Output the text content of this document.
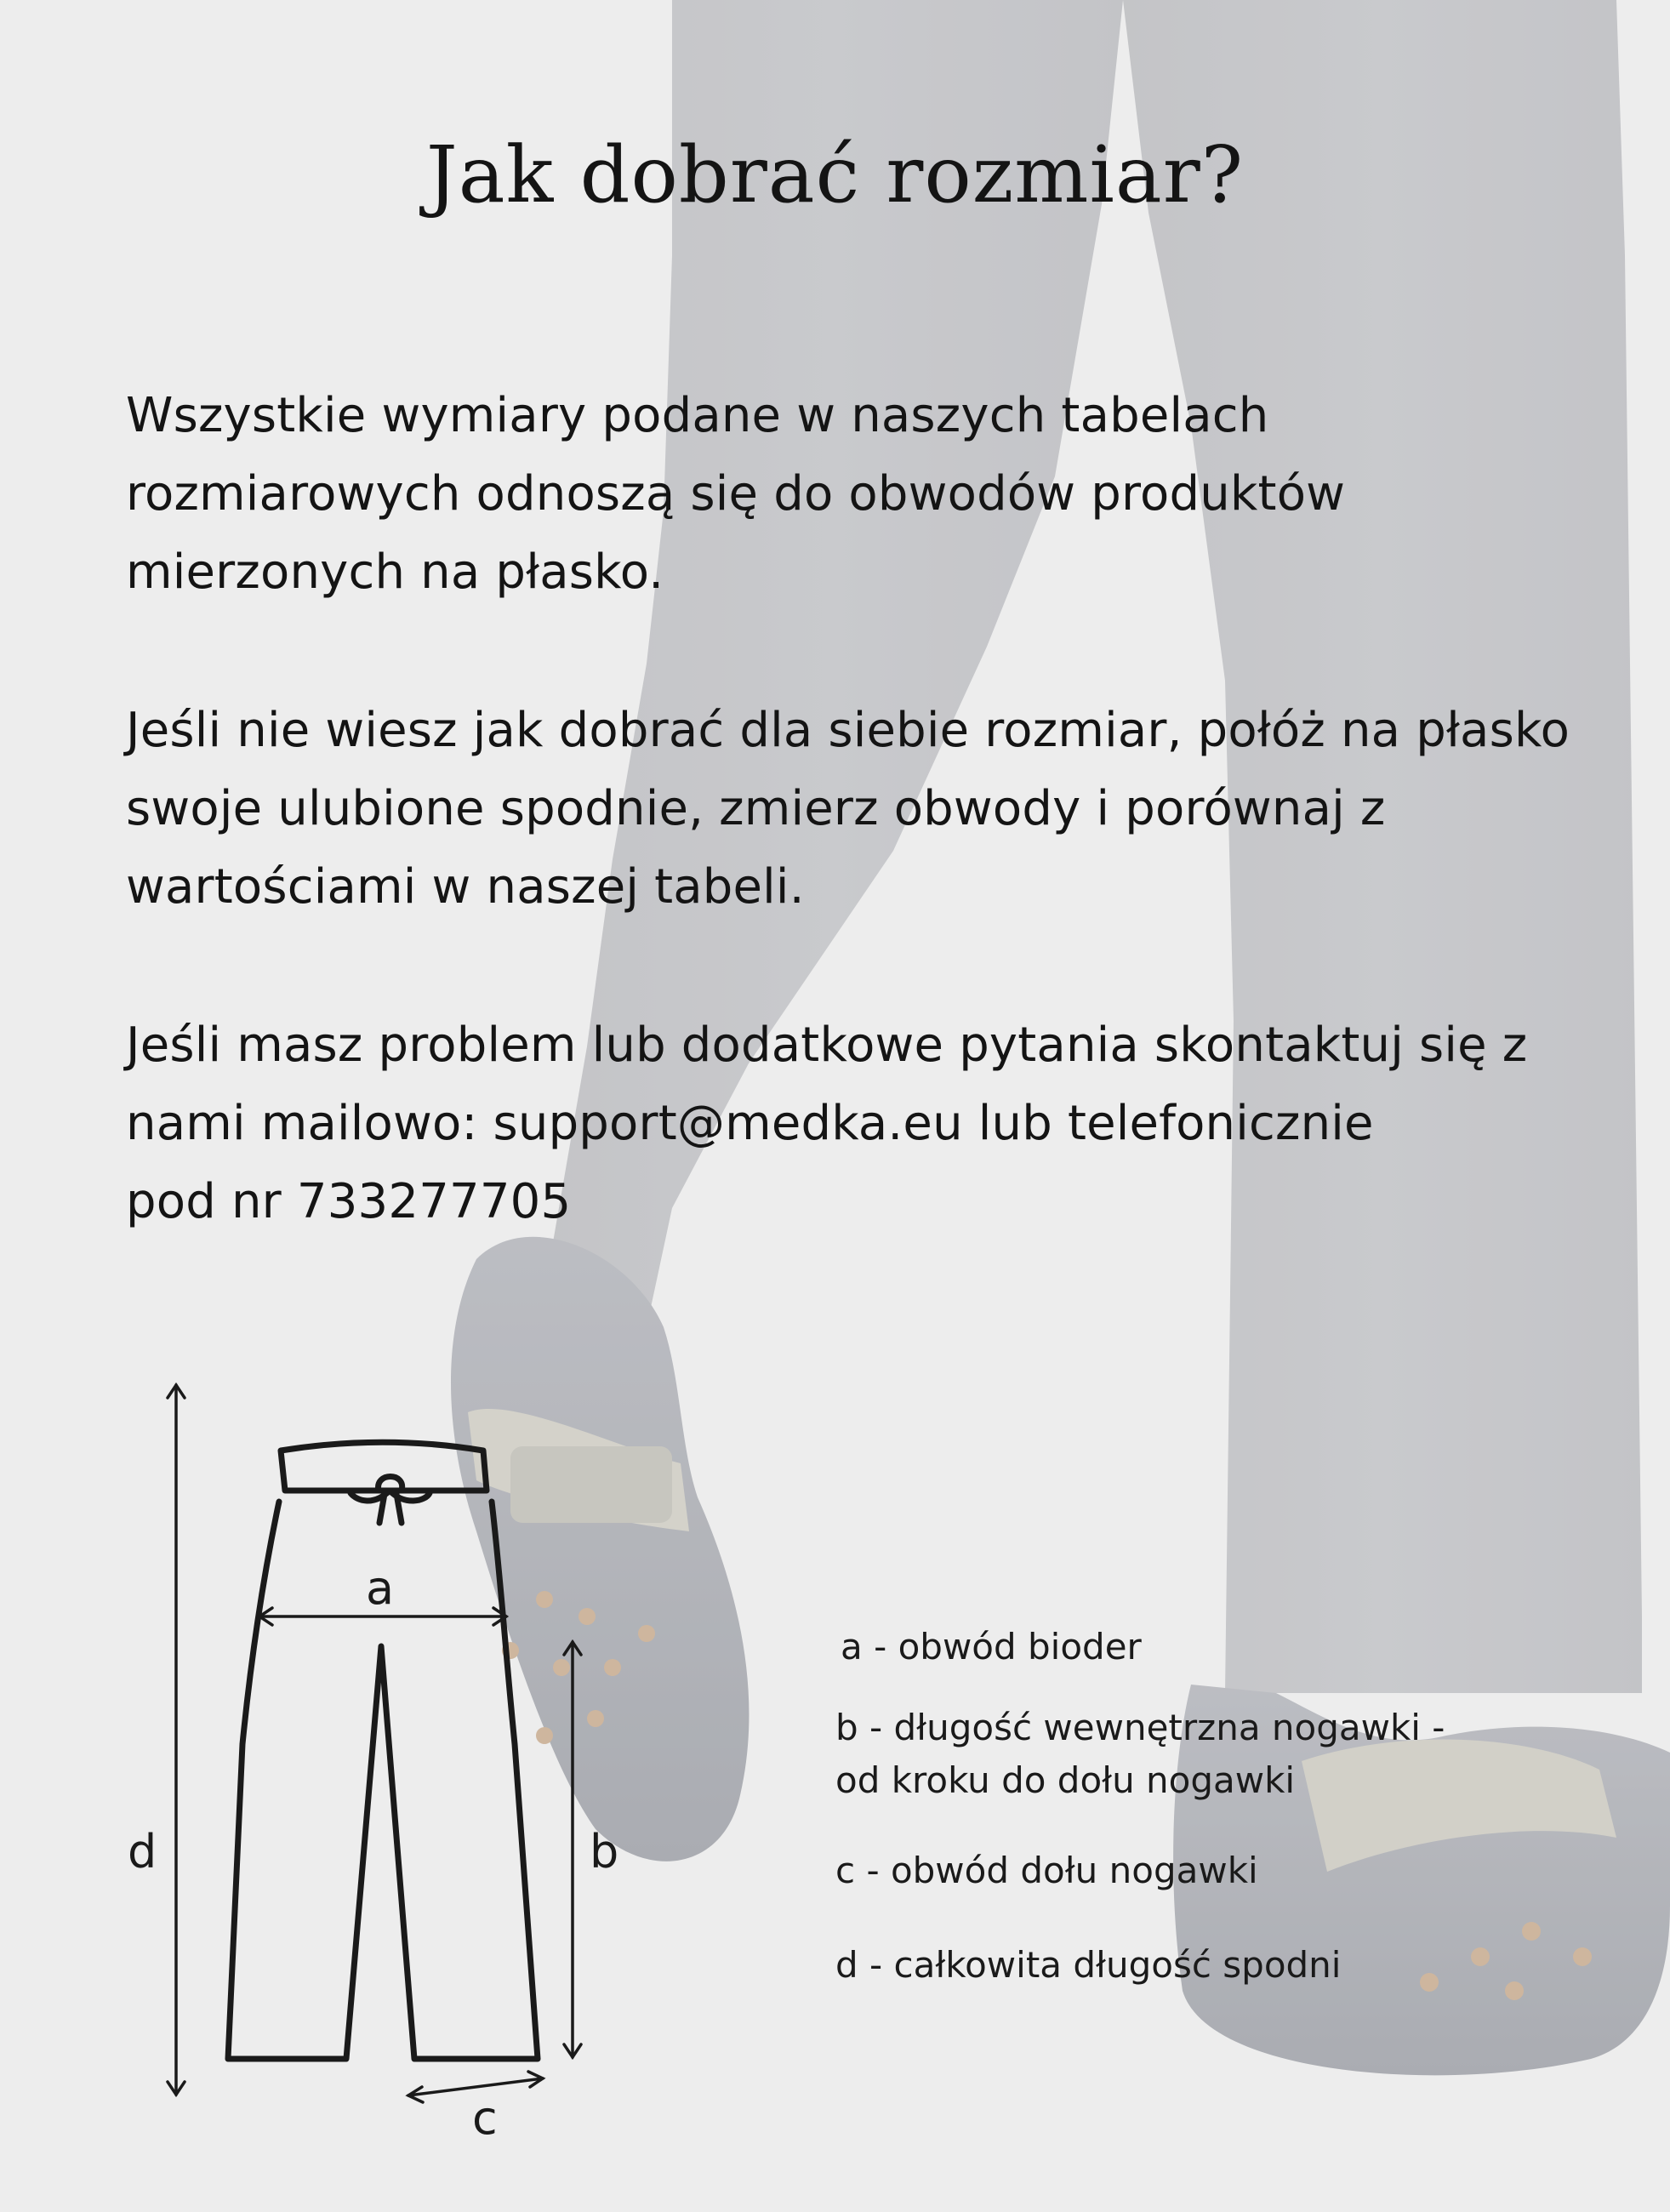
Jak dobrać rozmiar?

Wszystkie wymiary podane w naszych tabelach
rozmiarowych odnoszą się do obwodów produktów
mierzonych na płasko.

Jeśli nie wiesz jak dobrać dla siebie rozmiar, połóż na płasko
swoje ulubione spodnie, zmierz obwody i porównaj z
wartościami w naszej tabeli.

Jeśli masz problem lub dodatkowe pytania skontaktuj się z
nami mailowo: support@medka.eu lub telefonicznie
pod nr 733277705

a
b
c
d

a - obwód bioder

b - długość wewnętrzna nogawki -
od kroku do dołu nogawki

c - obwód dołu nogawki

d - całkowita długość spodni
